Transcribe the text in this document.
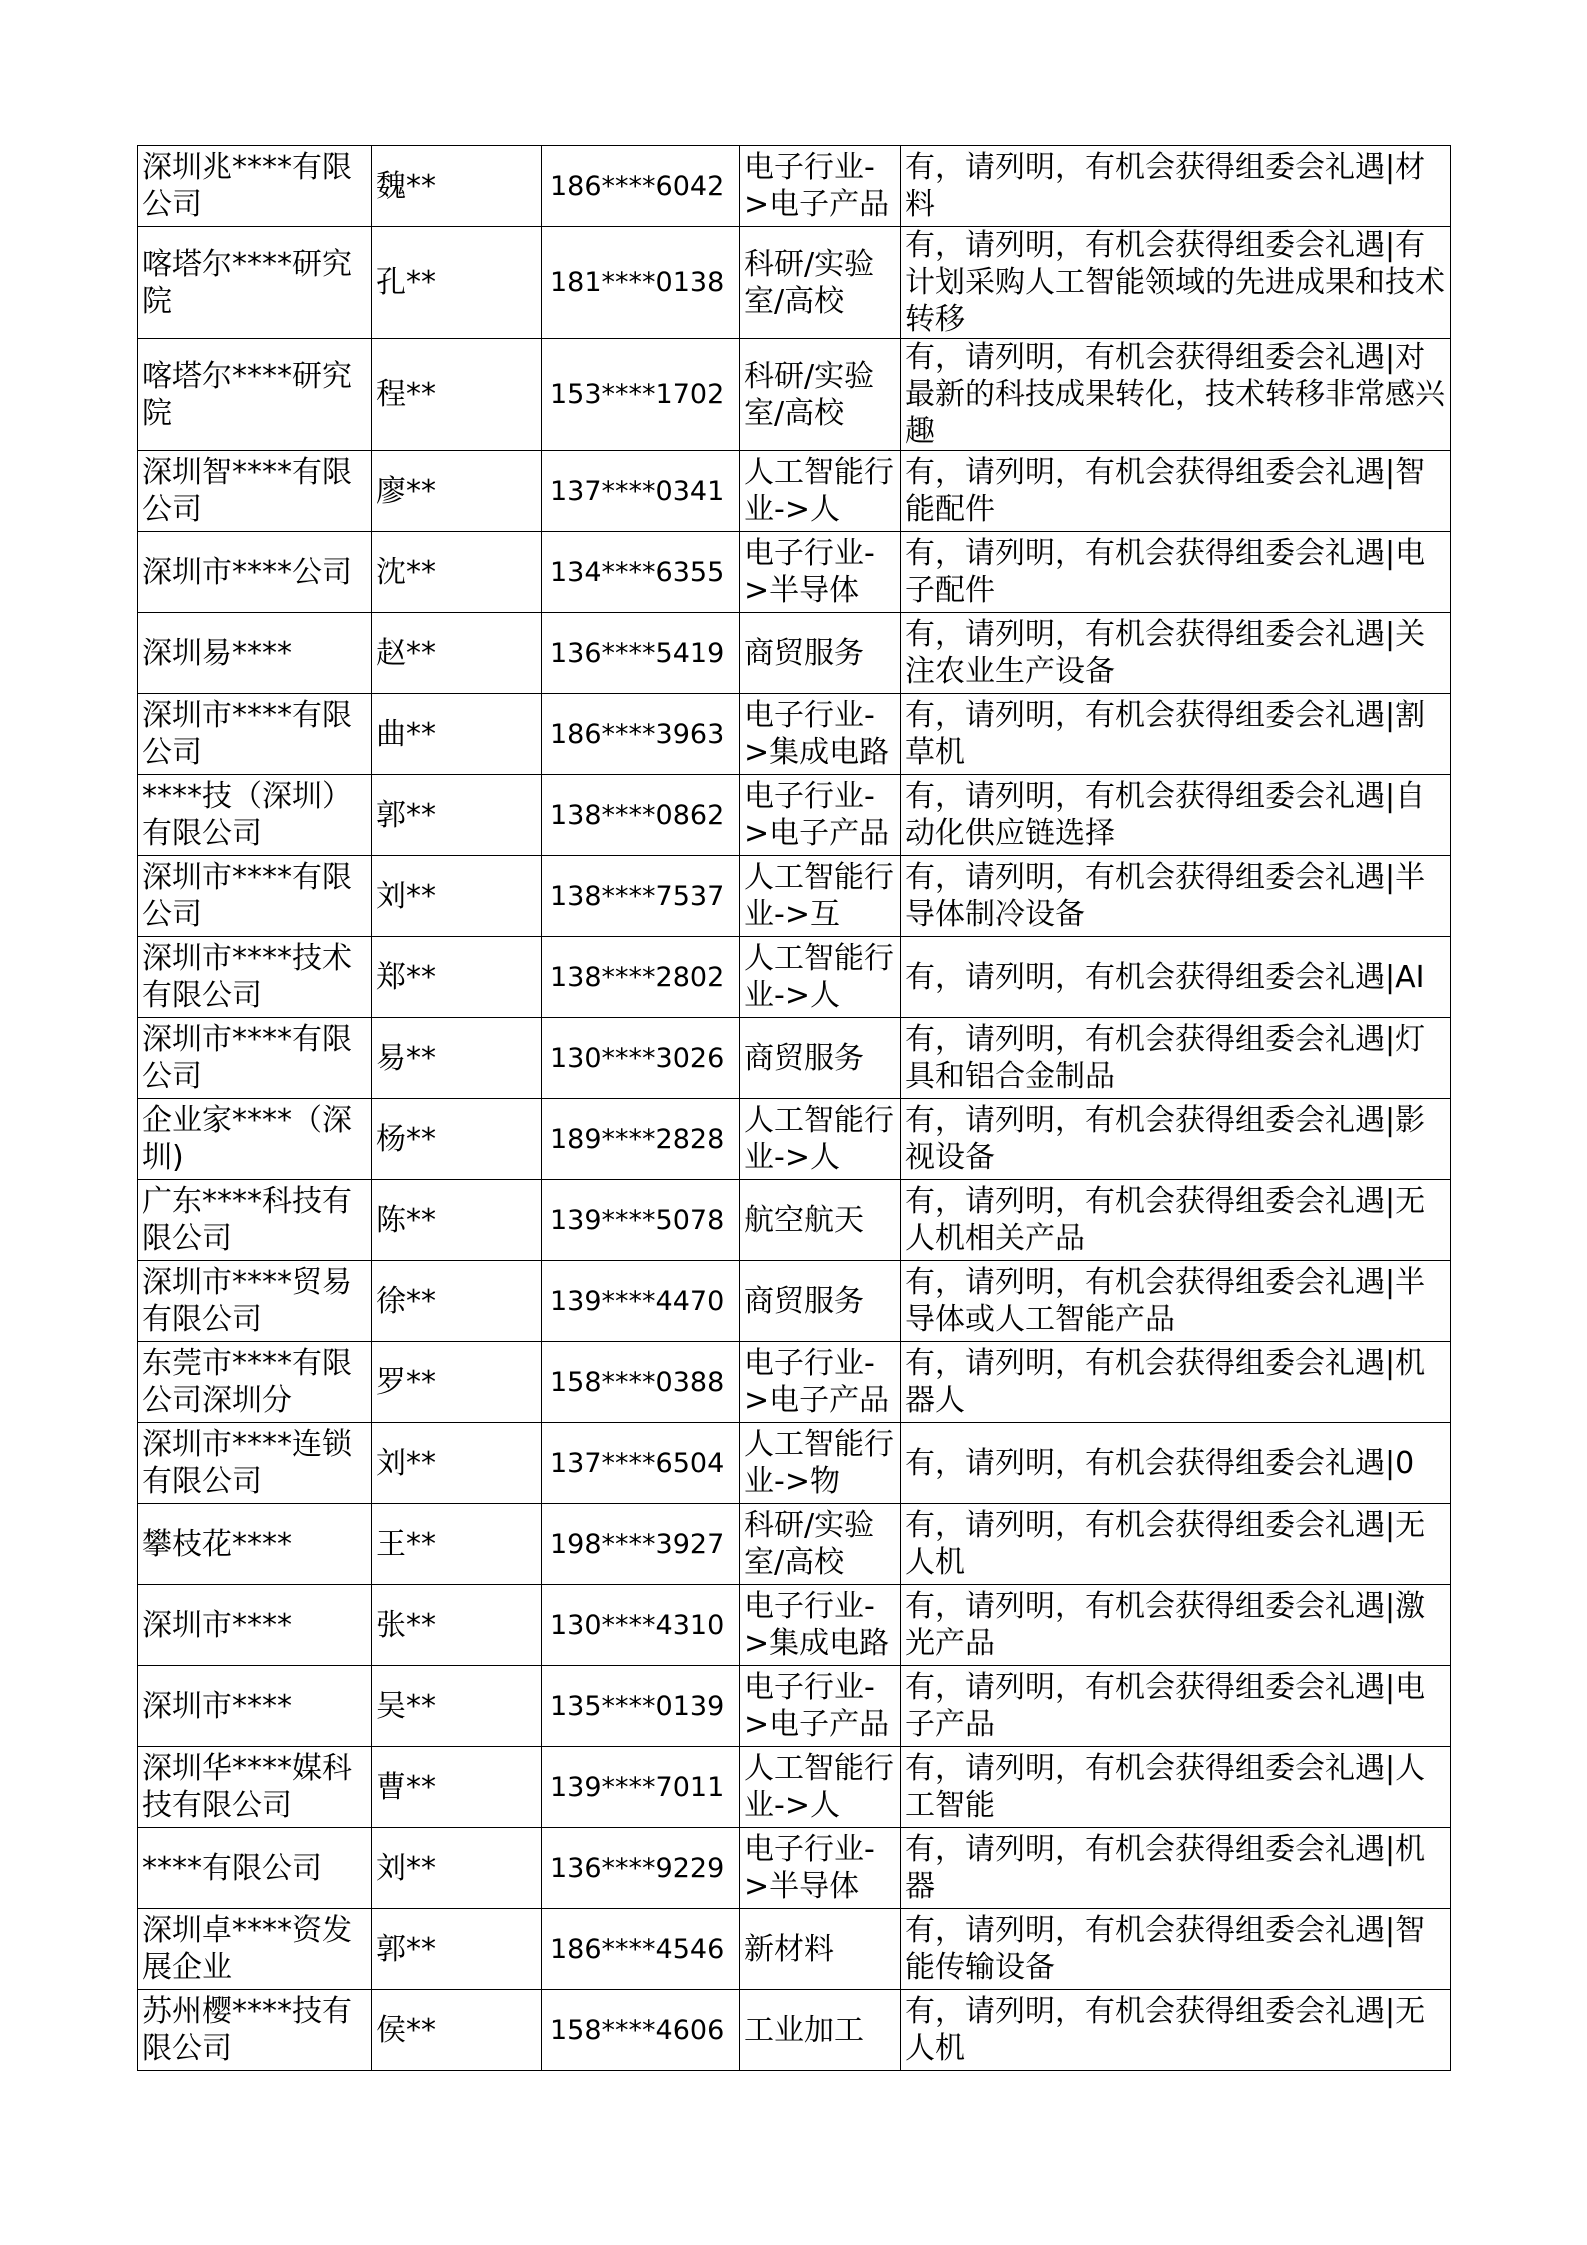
深圳兆****有限公司	魏**	186****6042	电子行业->电子产品	有，请列明，有机会获得组委会礼遇|材料

喀塔尔****研究院	孔**	181****0138	科研/实验室/高校	有，请列明，有机会获得组委会礼遇|有计划采购人工智能领域的先进成果和技术转移

喀塔尔****研究院	程**	153****1702	科研/实验室/高校	有，请列明，有机会获得组委会礼遇|对最新的科技成果转化，技术转移非常感兴趣

深圳智****有限公司	廖**	137****0341	人工智能行业->人	有，请列明，有机会获得组委会礼遇|智能配件

深圳市****公司	沈**	134****6355	电子行业->半导体	有，请列明，有机会获得组委会礼遇|电子配件

深圳易****	赵**	136****5419	商贸服务	有，请列明，有机会获得组委会礼遇|关注农业生产设备

深圳市****有限公司	曲**	186****3963	电子行业->集成电路	有，请列明，有机会获得组委会礼遇|割草机

****技（深圳）有限公司	郭**	138****0862	电子行业->电子产品	有，请列明，有机会获得组委会礼遇|自动化供应链选择

深圳市****有限公司	刘**	138****7537	人工智能行业->互	有，请列明，有机会获得组委会礼遇|半导体制冷设备

深圳市****技术有限公司	郑**	138****2802	人工智能行业->人	有，请列明，有机会获得组委会礼遇|AI

深圳市****有限公司	易**	130****3026	商贸服务	有，请列明，有机会获得组委会礼遇|灯具和铝合金制品

企业家****（深圳)	杨**	189****2828	人工智能行业->人	有，请列明，有机会获得组委会礼遇|影视设备

广东****科技有限公司	陈**	139****5078	航空航天	有，请列明，有机会获得组委会礼遇|无人机相关产品

深圳市****贸易有限公司	徐**	139****4470	商贸服务	有，请列明，有机会获得组委会礼遇|半导体或人工智能产品

东莞市****有限公司深圳分	罗**	158****0388	电子行业->电子产品	有，请列明，有机会获得组委会礼遇|机器人

深圳市****连锁有限公司	刘**	137****6504	人工智能行业->物	有，请列明，有机会获得组委会礼遇|0

攀枝花****	王**	198****3927	科研/实验室/高校	有，请列明，有机会获得组委会礼遇|无人机

深圳市****	张**	130****4310	电子行业->集成电路	有，请列明，有机会获得组委会礼遇|激光产品

深圳市****	吴**	135****0139	电子行业->电子产品	有，请列明，有机会获得组委会礼遇|电子产品

深圳华****媒科技有限公司	曹**	139****7011	人工智能行业->人	有，请列明，有机会获得组委会礼遇|人工智能

****有限公司	刘**	136****9229	电子行业->半导体	有，请列明，有机会获得组委会礼遇|机器

深圳卓****资发展企业	郭**	186****4546	新材料	有，请列明，有机会获得组委会礼遇|智能传输设备

苏州樱****技有限公司	侯**	158****4606	工业加工	有，请列明，有机会获得组委会礼遇|无人机
